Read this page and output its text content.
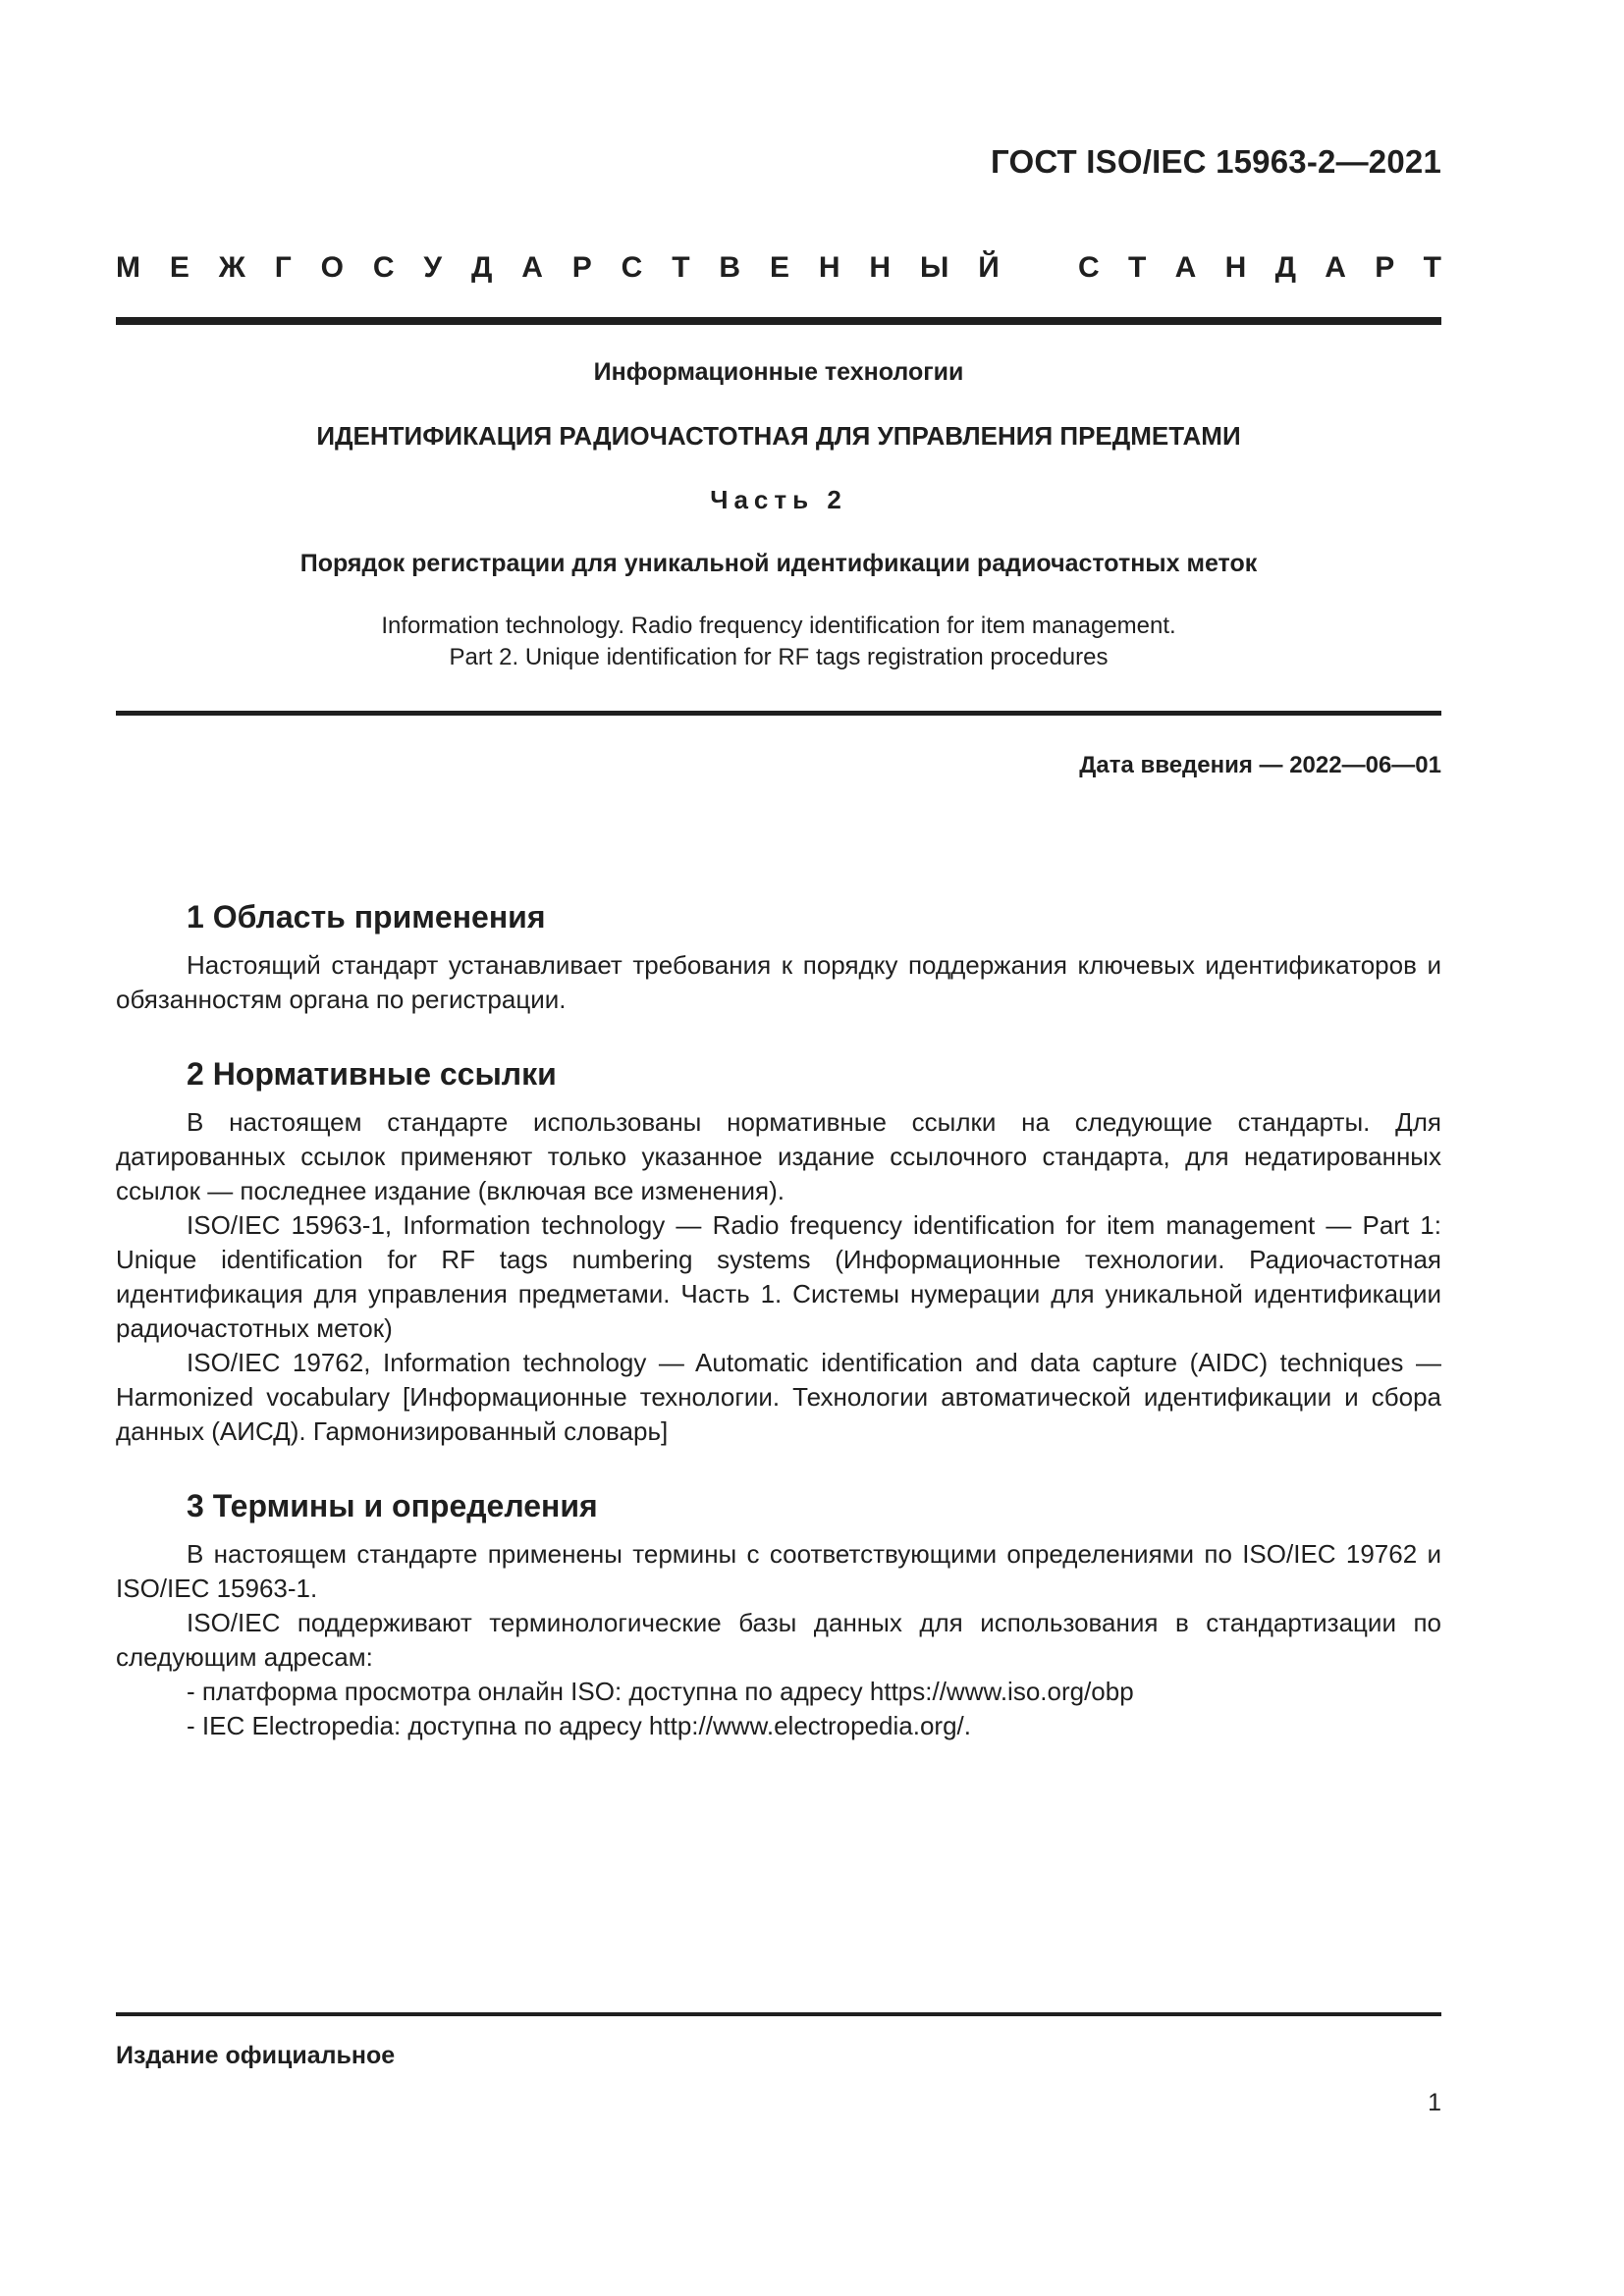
ГОСТ ISO/IEC 15963-2—2021
М Е Ж Г О С У Д А Р С Т В Е Н Н Ы Й	С Т А Н Д А Р Т
Информационные технологии
ИДЕНТИФИКАЦИЯ РАДИОЧАСТОТНАЯ ДЛЯ УПРАВЛЕНИЯ ПРЕДМЕТАМИ
Часть 2
Порядок регистрации для уникальной идентификации радиочастотных меток
Information technology. Radio frequency identification for item management.
Part 2. Unique identification for RF tags registration procedures
Дата введения — 2022—06—01
1 Область применения

Настоящий стандарт устанавливает требования к порядку поддержания ключевых идентификаторов и обязанностям органа по регистрации.

2 Нормативные ссылки

В настоящем стандарте использованы нормативные ссылки на следующие стандарты. Для датированных ссылок применяют только указанное издание ссылочного стандарта, для недатированных ссылок — последнее издание (включая все изменения).

ISO/IEC 15963-1, Information technology — Radio frequency identification for item management — Part 1: Unique identification for RF tags numbering systems (Информационные технологии. Радиочастотная идентификация для управления предметами. Часть 1. Системы нумерации для уникальной идентификации радиочастотных меток)

ISO/IEC 19762, Information technology — Automatic identification and data capture (AIDC) techniques — Harmonized vocabulary [Информационные технологии. Технологии автоматической идентификации и сбора данных (АИСД). Гармонизированный словарь]

3 Термины и определения

В настоящем стандарте применены термины с соответствующими определениями по ISO/IEC 19762 и ISO/IEC 15963-1.

ISO/IEC поддерживают терминологические базы данных для использования в стандартизации по следующим адресам:

- платформа просмотра онлайн ISO: доступна по адресу https://www.iso.org/obp

- IEC Electropedia: доступна по адресу http://www.electropedia.org/.

Издание официальное
1
